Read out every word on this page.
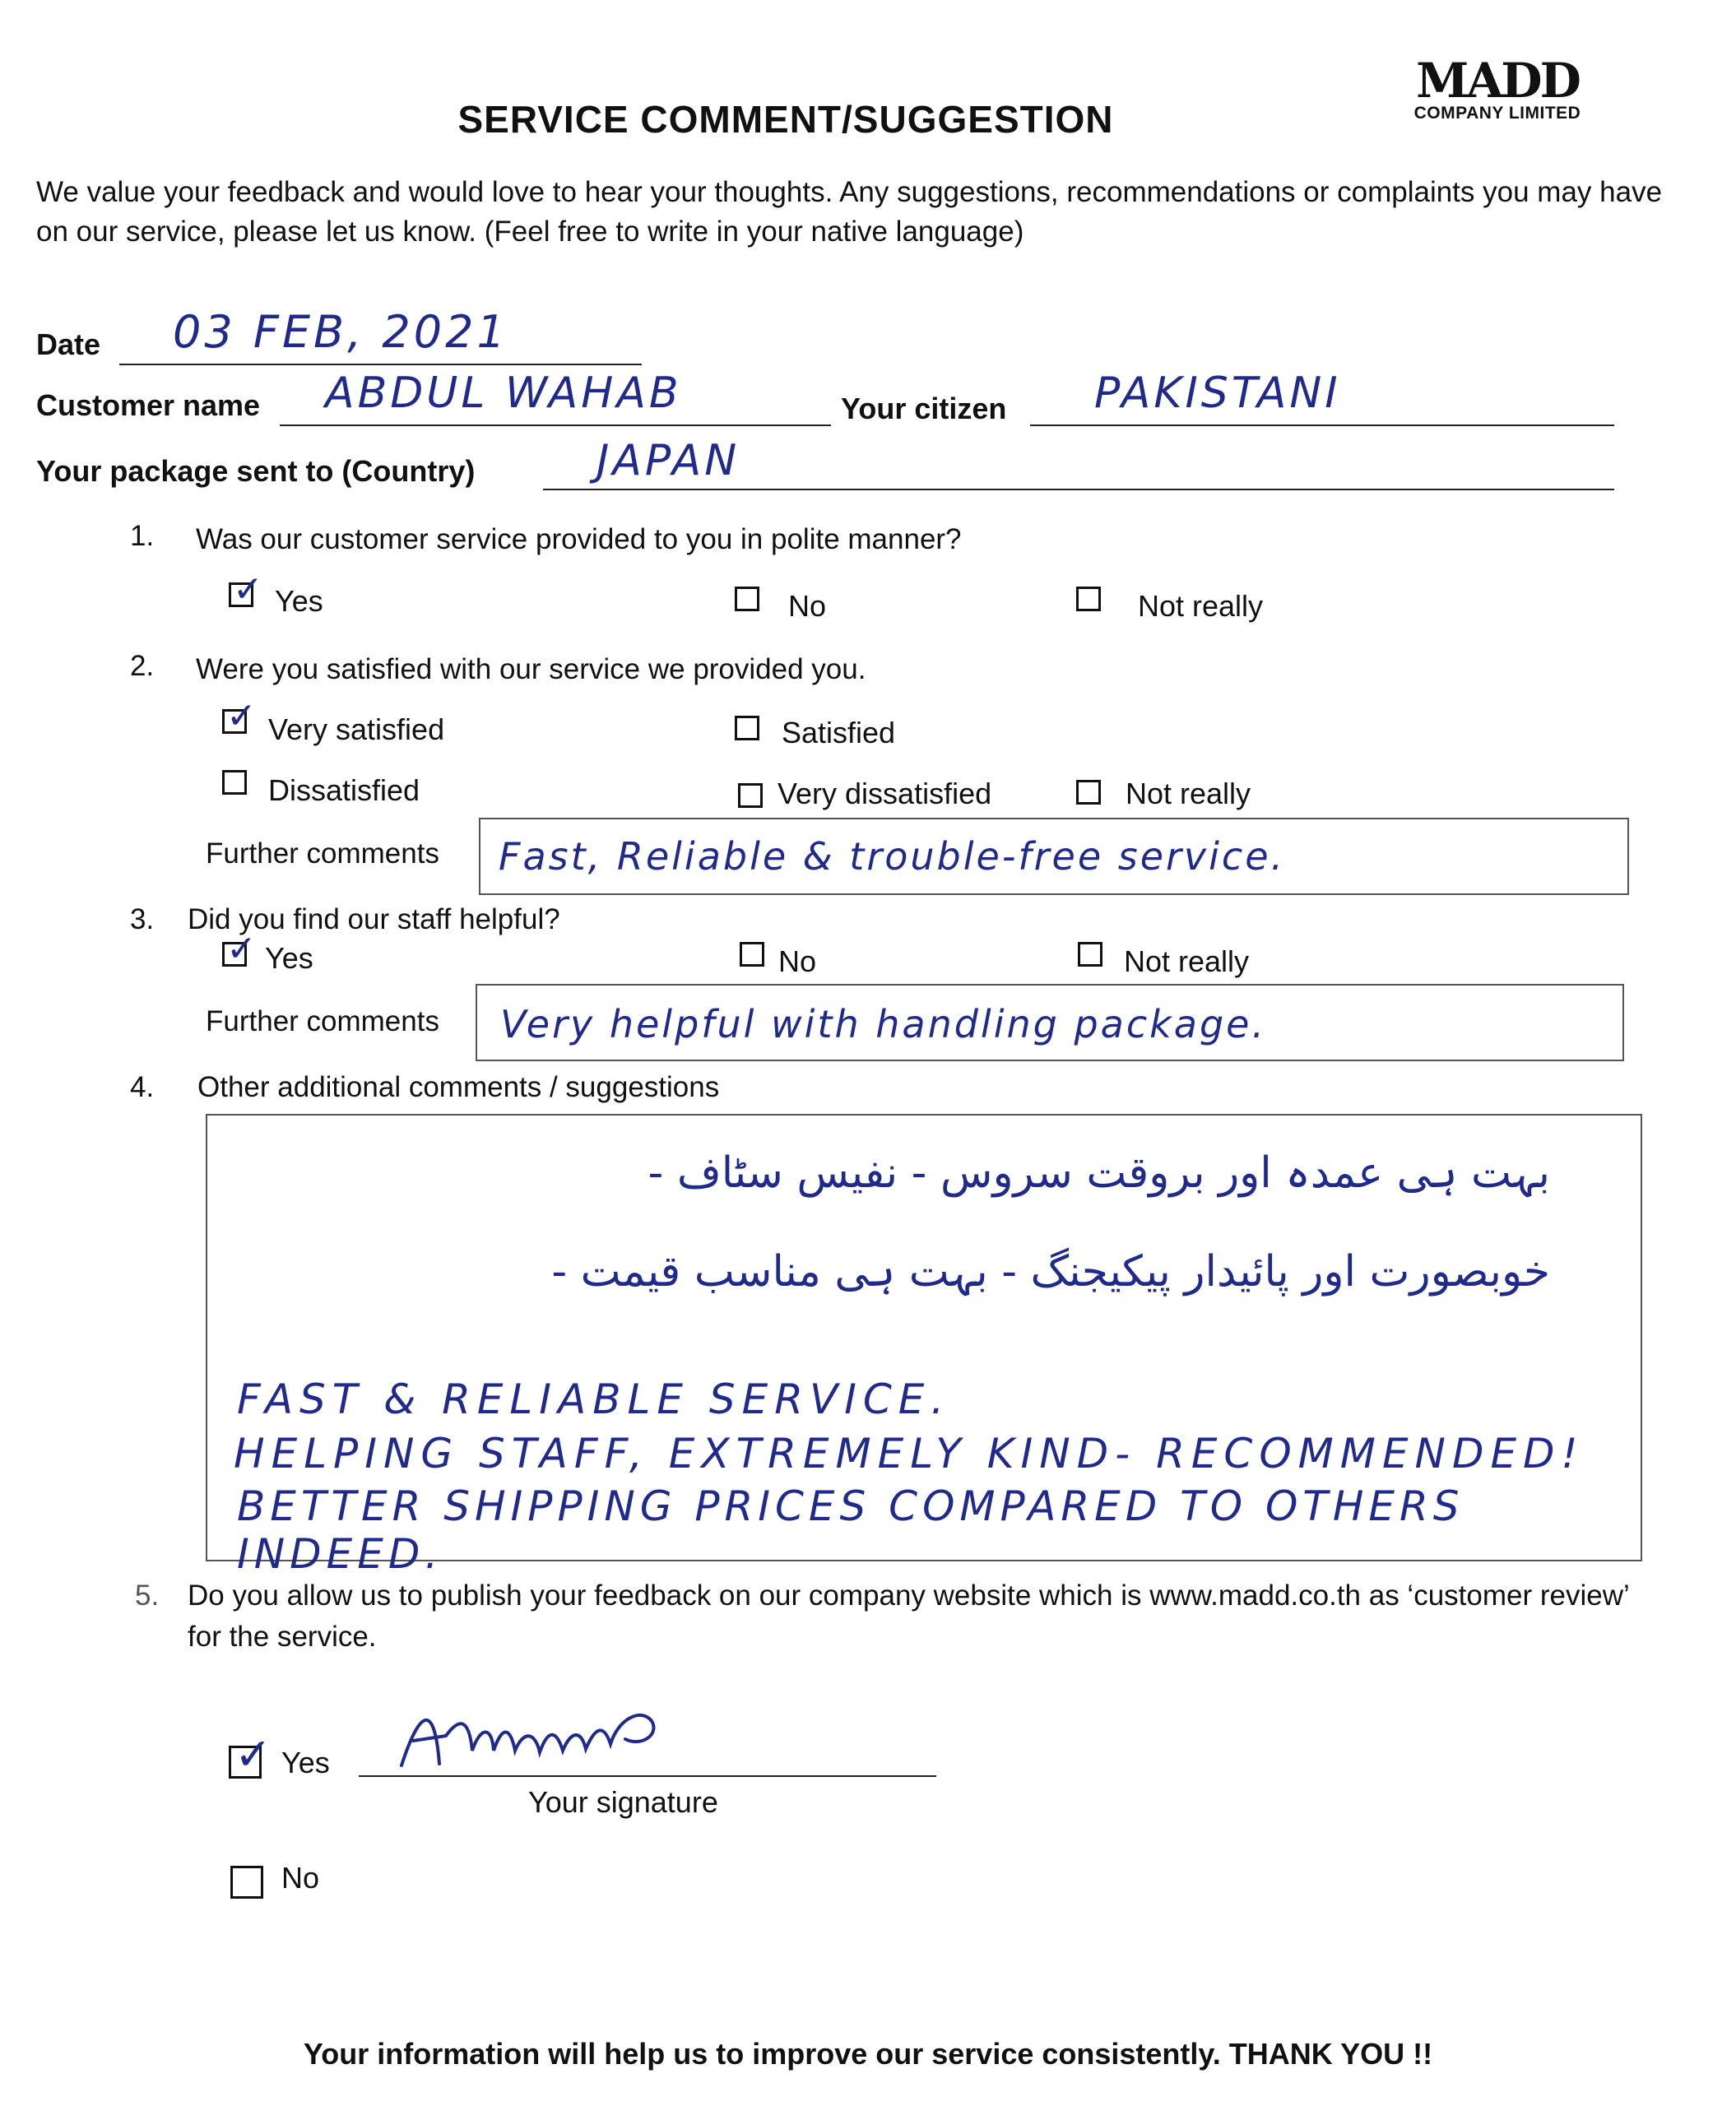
SERVICE COMMENT/SUGGESTION
MADD
COMPANY LIMITED
We value your feedback and would love to hear your thoughts. Any suggestions, recommendations or complaints you may have on our service, please let us know. (Feel free to write in your native language)
Date 03 FEB, 2021
Customer name ABDUL WAHAB	Your citizen PAKISTANI
Your package sent to (Country)	JAPAN
1. Was our customer service provided to you in polite manner?
✓ Yes	No	Not really
2. Were you satisfied with our service we provided you.
✓ Very satisfied	Satisfied
Dissatisfied	Very dissatisfied	Not really
Further comments Fast, Reliable & trouble-free service.
3. Did you find our staff helpful?
✓ Yes	No	Not really
Further comments Very helpful with handling package.
4. Other additional comments / suggestions
بہت ہی عمدہ اور بروقت سروس - نفیس سٹاف -
خوبصورت اور پائیدار پیکیجنگ - بہت ہی مناسب قیمت -
FAST & RELIABLE SERVICE.
HELPING STAFF, EXTREMELY KIND- RECOMMENDED!
BETTER SHIPPING PRICES COMPARED TO OTHERS INDEED.
5. Do you allow us to publish your feedback on our company website which is www.madd.co.th as ‘customer review’
for the service.
✓ Yes
Your signature
No
Your information will help us to improve our service consistently. THANK YOU !!
